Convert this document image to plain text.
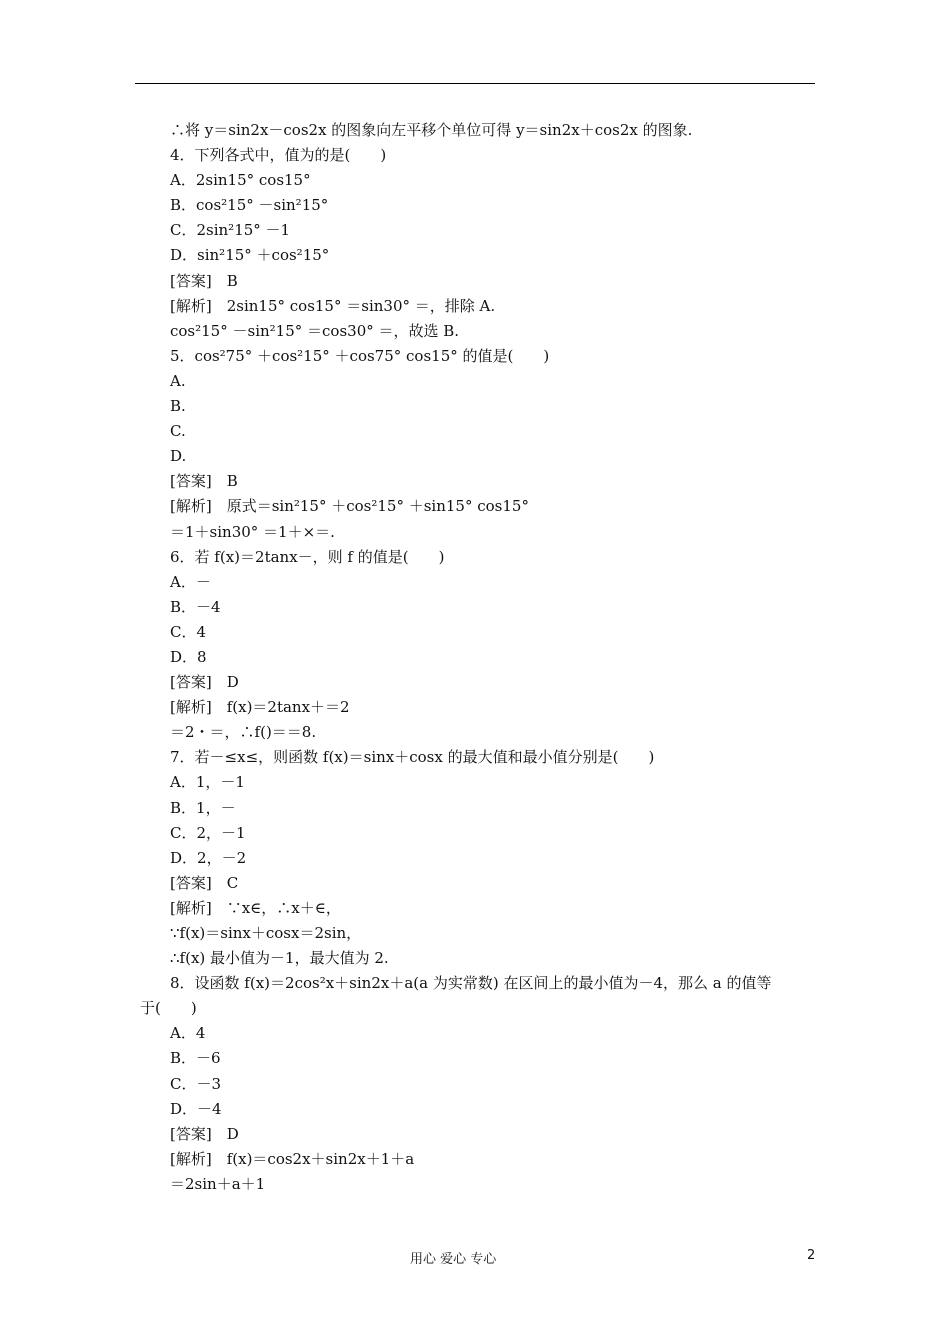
∴将 y＝sin2x－cos2x 的图象向左平移个单位可得 y＝sin2x＋cos2x 的图象.
4．下列各式中，值为的是(　　)
A．2sin15° cos15°
B．cos²15° －sin²15°
C．2sin²15° －1
D．sin²15° ＋cos²15°
[答案]　B
[解析]　2sin15° cos15° ＝sin30° ＝，排除 A.
cos²15° －sin²15° ＝cos30° ＝，故选 B.
5．cos²75° ＋cos²15° ＋cos75° cos15° 的值是(　　)
A.
B.
C.
D.
[答案]　B
[解析]　原式＝sin²15° ＋cos²15° ＋sin15° cos15°
＝1＋sin30° ＝1＋×＝.
6．若 f(x)＝2tanx－，则 f 的值是(　　)
A．－
B．－4
C．4
D．8
[答案]　D
[解析]　f(x)＝2tanx＋＝2
＝2・＝，∴f()＝＝8.
7．若－≤x≤，则函数 f(x)＝sinx＋cosx 的最大值和最小值分别是(　　)
A．1，－1
B．1，－
C．2，－1
D．2，－2
[答案]　C
[解析]　∵x∈，∴x＋∈，
∵f(x)＝sinx＋cosx＝2sin，
∴f(x) 最小值为－1，最大值为 2.
8．设函数 f(x)＝2cos²x＋sin2x＋a(a 为实常数) 在区间上的最小值为－4，那么 a 的值等
于(　　)
A．4
B．－6
C．－3
D．－4
[答案]　D
[解析]　f(x)＝cos2x＋sin2x＋1＋a
＝2sin＋a＋1
用心 爱心 专心	2
